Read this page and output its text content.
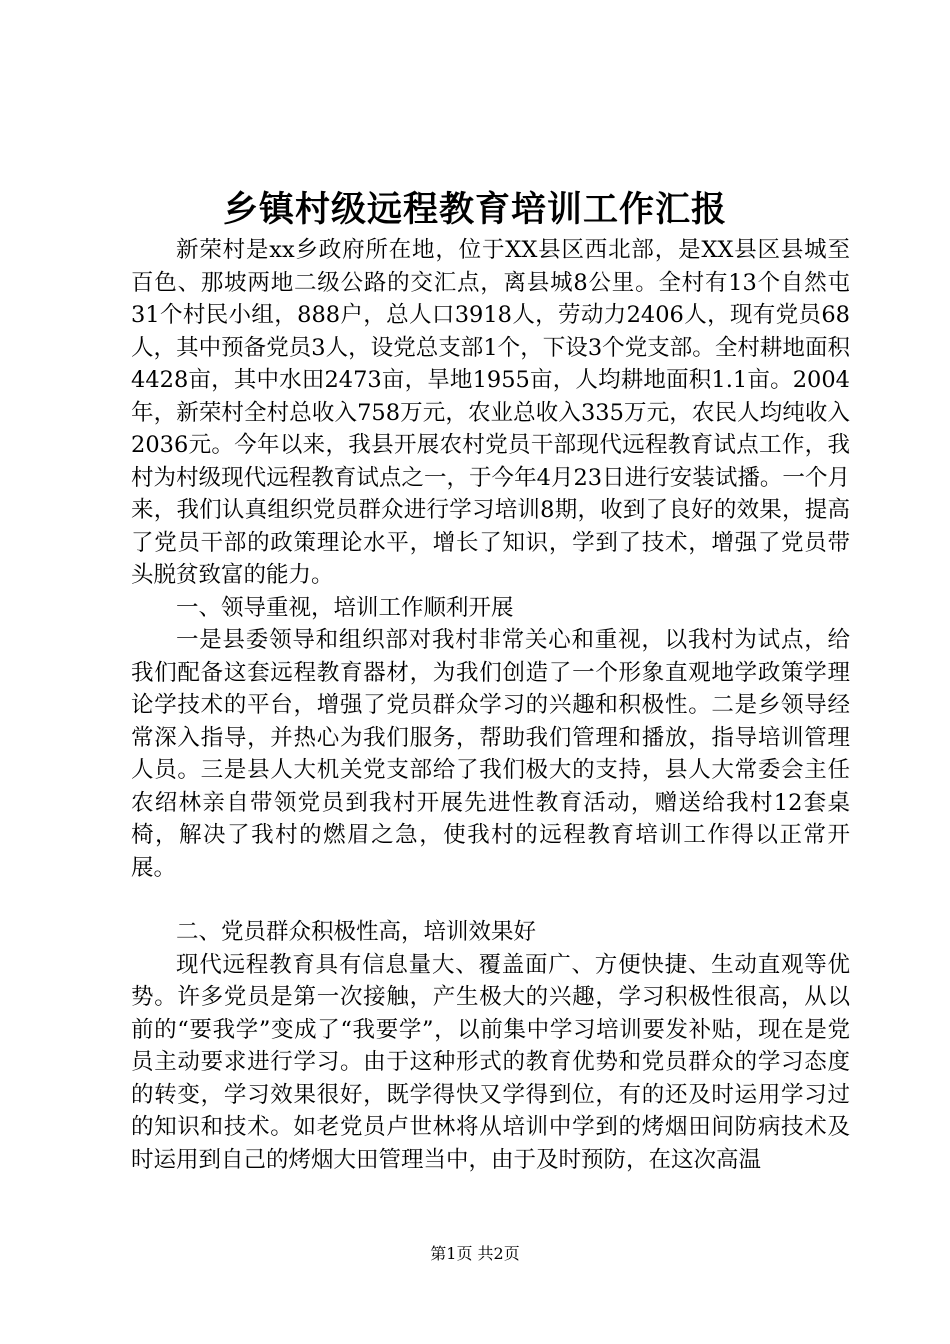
乡镇村级远程教育培训工作汇报

新荣村是xx乡政府所在地，位于XX县区西北部，是XX县区县城至百色、那坡两地二级公路的交汇点，离县城8公里。全村有13个自然屯31个村民小组，888户，总人口3918人，劳动力2406人，现有党员68人，其中预备党员3人，设党总支部1个，下设3个党支部。全村耕地面积4428亩，其中水田2473亩，旱地1955亩，人均耕地面积1.1亩。2004年，新荣村全村总收入758万元，农业总收入335万元，农民人均纯收入2036元。今年以来，我县开展农村党员干部现代远程教育试点工作，我村为村级现代远程教育试点之一，于今年4月23日进行安装试播。一个月来，我们认真组织党员群众进行学习培训8期，收到了良好的效果，提高了党员干部的政策理论水平，增长了知识，学到了技术，增强了党员带头脱贫致富的能力。

一、领导重视，培训工作顺利开展

一是县委领导和组织部对我村非常关心和重视，以我村为试点，给我们配备这套远程教育器材，为我们创造了一个形象直观地学政策学理论学技术的平台，增强了党员群众学习的兴趣和积极性。二是乡领导经常深入指导，并热心为我们服务，帮助我们管理和播放，指导培训管理人员。三是县人大机关党支部给了我们极大的支持，县人大常委会主任农绍林亲自带领党员到我村开展先进性教育活动，赠送给我村12套桌椅，解决了我村的燃眉之急，使我村的远程教育培训工作得以正常开展。

二、党员群众积极性高，培训效果好

现代远程教育具有信息量大、覆盖面广、方便快捷、生动直观等优势。许多党员是第一次接触，产生极大的兴趣，学习积极性很高，从以前的“要我学”变成了“我要学”，以前集中学习培训要发补贴，现在是党员主动要求进行学习。由于这种形式的教育优势和党员群众的学习态度的转变，学习效果很好，既学得快又学得到位，有的还及时运用学习过的知识和技术。如老党员卢世林将从培训中学到的烤烟田间防病技术及时运用到自己的烤烟大田管理当中，由于及时预防，在这次高温

第1页 共2页
